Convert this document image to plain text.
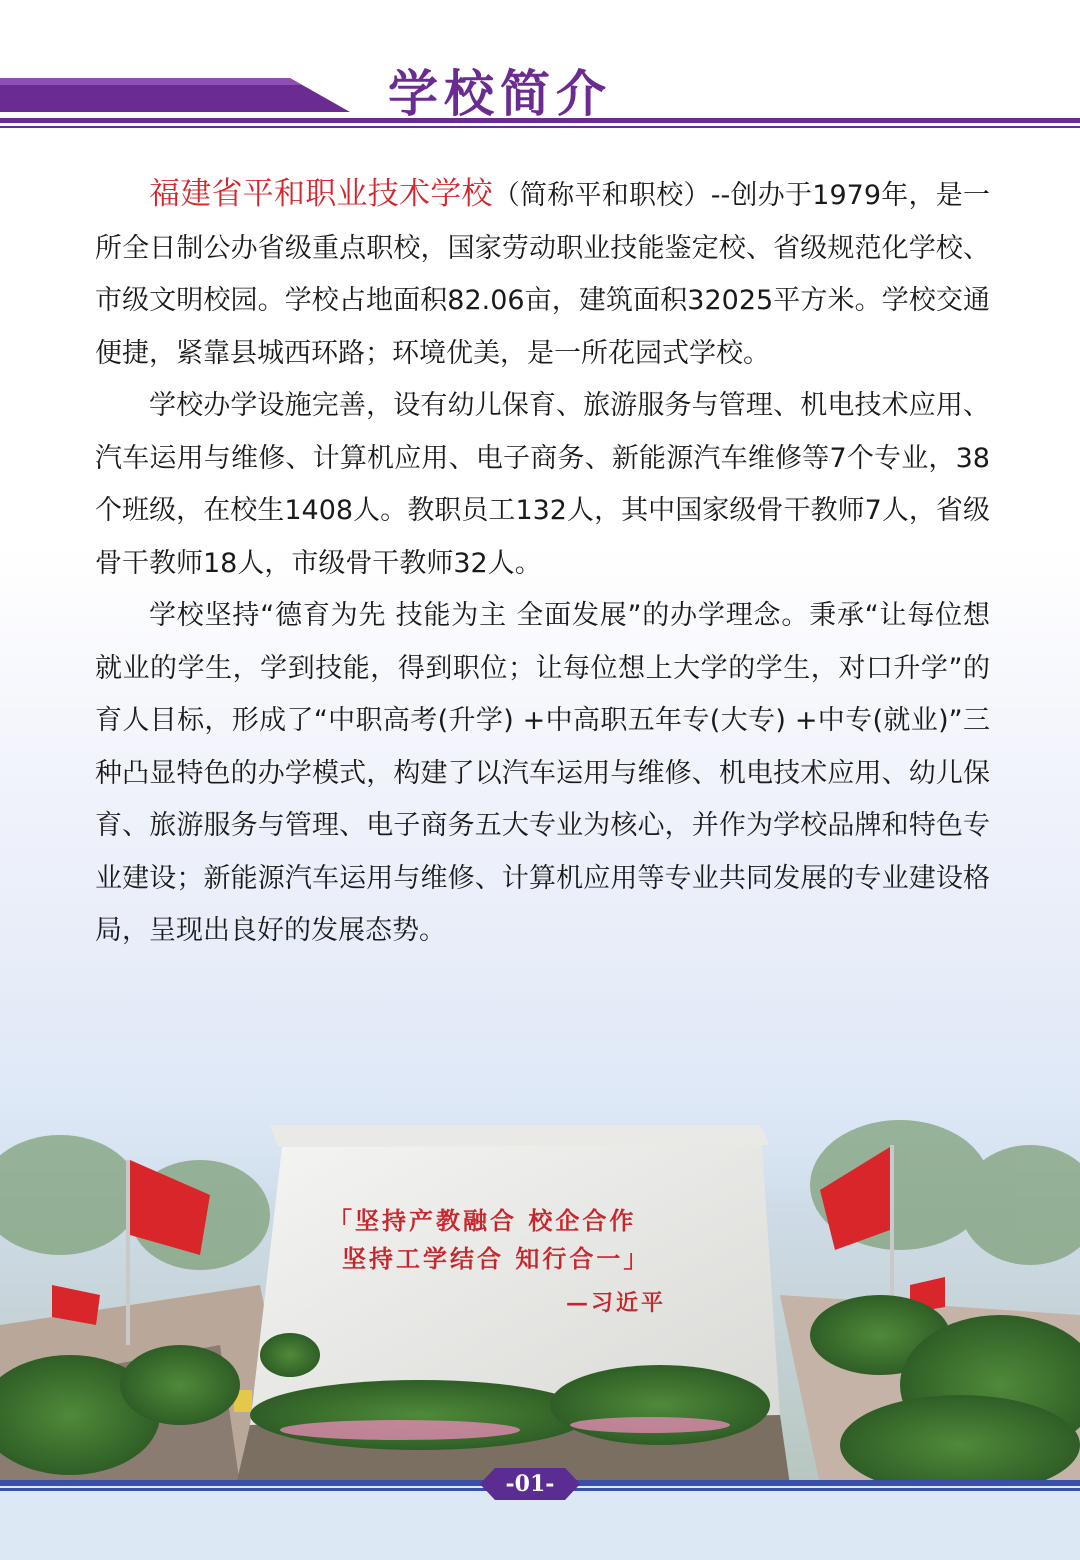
学校简介

福建省平和职业技术学校（简称平和职校）--创办于1979年，是一所全日制公办省级重点职校，国家劳动职业技能鉴定校、省级规范化学校、市级文明校园。学校占地面积82.06亩，建筑面积32025平方米。学校交通便捷，紧靠县城西环路；环境优美，是一所花园式学校。

学校办学设施完善，设有幼儿保育、旅游服务与管理、机电技术应用、汽车运用与维修、计算机应用、电子商务、新能源汽车维修等7个专业，38个班级，在校生1408人。教职员工132人，其中国家级骨干教师7人，省级骨干教师18人，市级骨干教师32人。

学校坚持“德育为先 技能为主 全面发展”的办学理念。秉承“让每位想就业的学生，学到技能，得到职位；让每位想上大学的学生，对口升学”的育人目标，形成了“中职高考(升学) +中高职五年专(大专) +中专(就业)”三种凸显特色的办学模式，构建了以汽车运用与维修、机电技术应用、幼儿保育、旅游服务与管理、电子商务五大专业为核心，并作为学校品牌和特色专业建设；新能源汽车运用与维修、计算机应用等专业共同发展的专业建设格局，呈现出良好的发展态势。

「坚持产教融合 校企合作
坚持工学结合 知行合一」
—习近平
-01-
